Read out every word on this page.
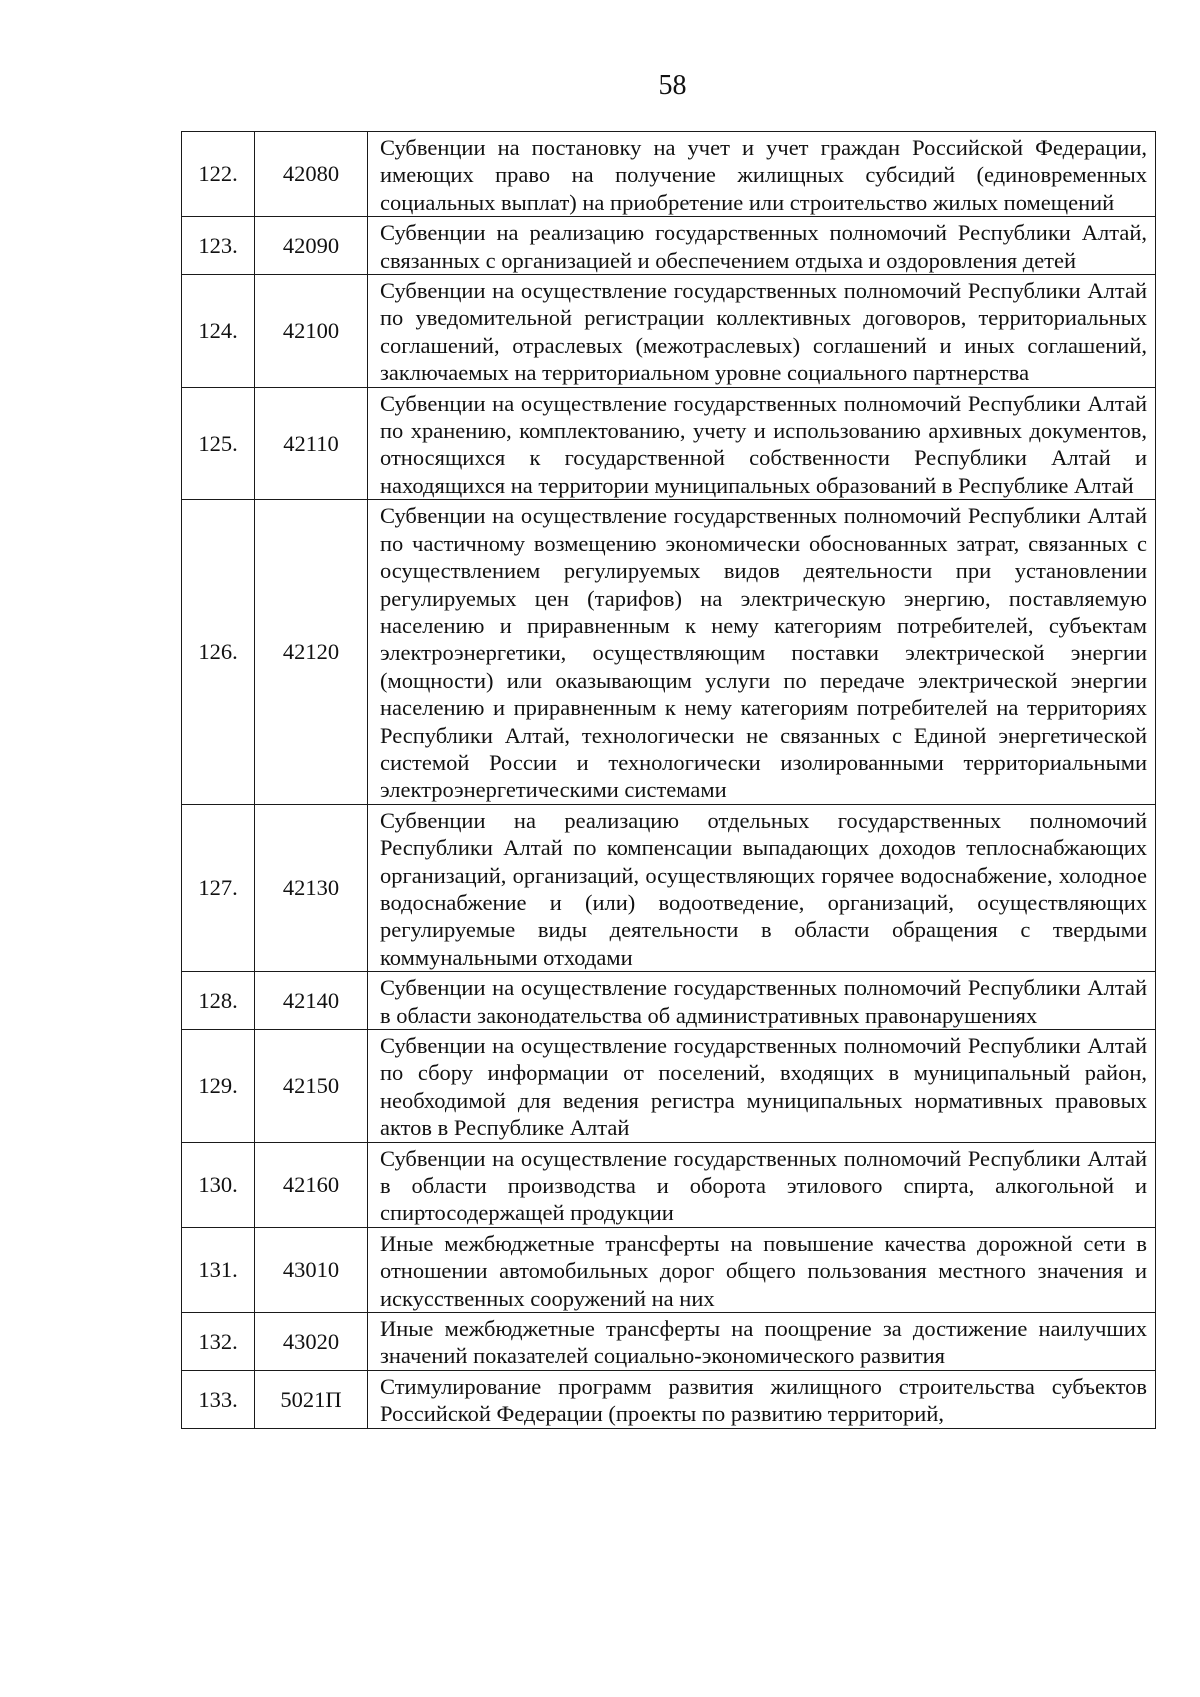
58
122.	42080	Субвенции на постановку на учет и учет граждан Российской Федерации, имеющих право на получение жилищных субсидий (единовременных социальных выплат) на приобретение или строительство жилых помещений
123.	42090	Субвенции на реализацию государственных полномочий Республики Алтай, связанных с организацией и обеспечением отдыха и оздоровления детей
124.	42100	Субвенции на осуществление государственных полномочий Республики Алтай по уведомительной регистрации коллективных договоров, территориальных соглашений, отраслевых (межотраслевых) соглашений и иных соглашений, заключаемых на территориальном уровне социального партнерства
125.	42110	Субвенции на осуществление государственных полномочий Республики Алтай по хранению, комплектованию, учету и использованию архивных документов, относящихся к государственной собственности Республики Алтай и находящихся на территории муниципальных образований в Республике Алтай
126.	42120	Субвенции на осуществление государственных полномочий Республики Алтай по частичному возмещению экономически обоснованных затрат, связанных с осуществлением регулируемых видов деятельности при установлении регулируемых цен (тарифов) на электрическую энергию, поставляемую населению и приравненным к нему категориям потребителей, субъектам электроэнергетики, осуществляющим поставки электрической энергии (мощности) или оказывающим услуги по передаче электрической энергии населению и приравненным к нему категориям потребителей на территориях Республики Алтай, технологически не связанных с Единой энергетической системой России и технологически изолированными территориальными электроэнергетическими системами
127.	42130	Субвенции на реализацию отдельных государственных полномочий Республики Алтай по компенсации выпадающих доходов теплоснабжающих организаций, организаций, осуществляющих горячее водоснабжение, холодное водоснабжение и (или) водоотведение, организаций, осуществляющих регулируемые виды деятельности в области обращения с твердыми коммунальными отходами
128.	42140	Субвенции на осуществление государственных полномочий Республики Алтай в области законодательства об административных правонарушениях
129.	42150	Субвенции на осуществление государственных полномочий Республики Алтай по сбору информации от поселений, входящих в муниципальный район, необходимой для ведения регистра муниципальных нормативных правовых актов в Республике Алтай
130.	42160	Субвенции на осуществление государственных полномочий Республики Алтай в области производства и оборота этилового спирта, алкогольной и спиртосодержащей продукции
131.	43010	Иные межбюджетные трансферты на повышение качества дорожной сети в отношении автомобильных дорог общего пользования местного значения и искусственных сооружений на них
132.	43020	Иные межбюджетные трансферты на поощрение за достижение наилучших значений показателей социально-экономического развития
133.	5021П	Стимулирование программ развития жилищного строительства субъектов Российской Федерации (проекты по развитию территорий,
